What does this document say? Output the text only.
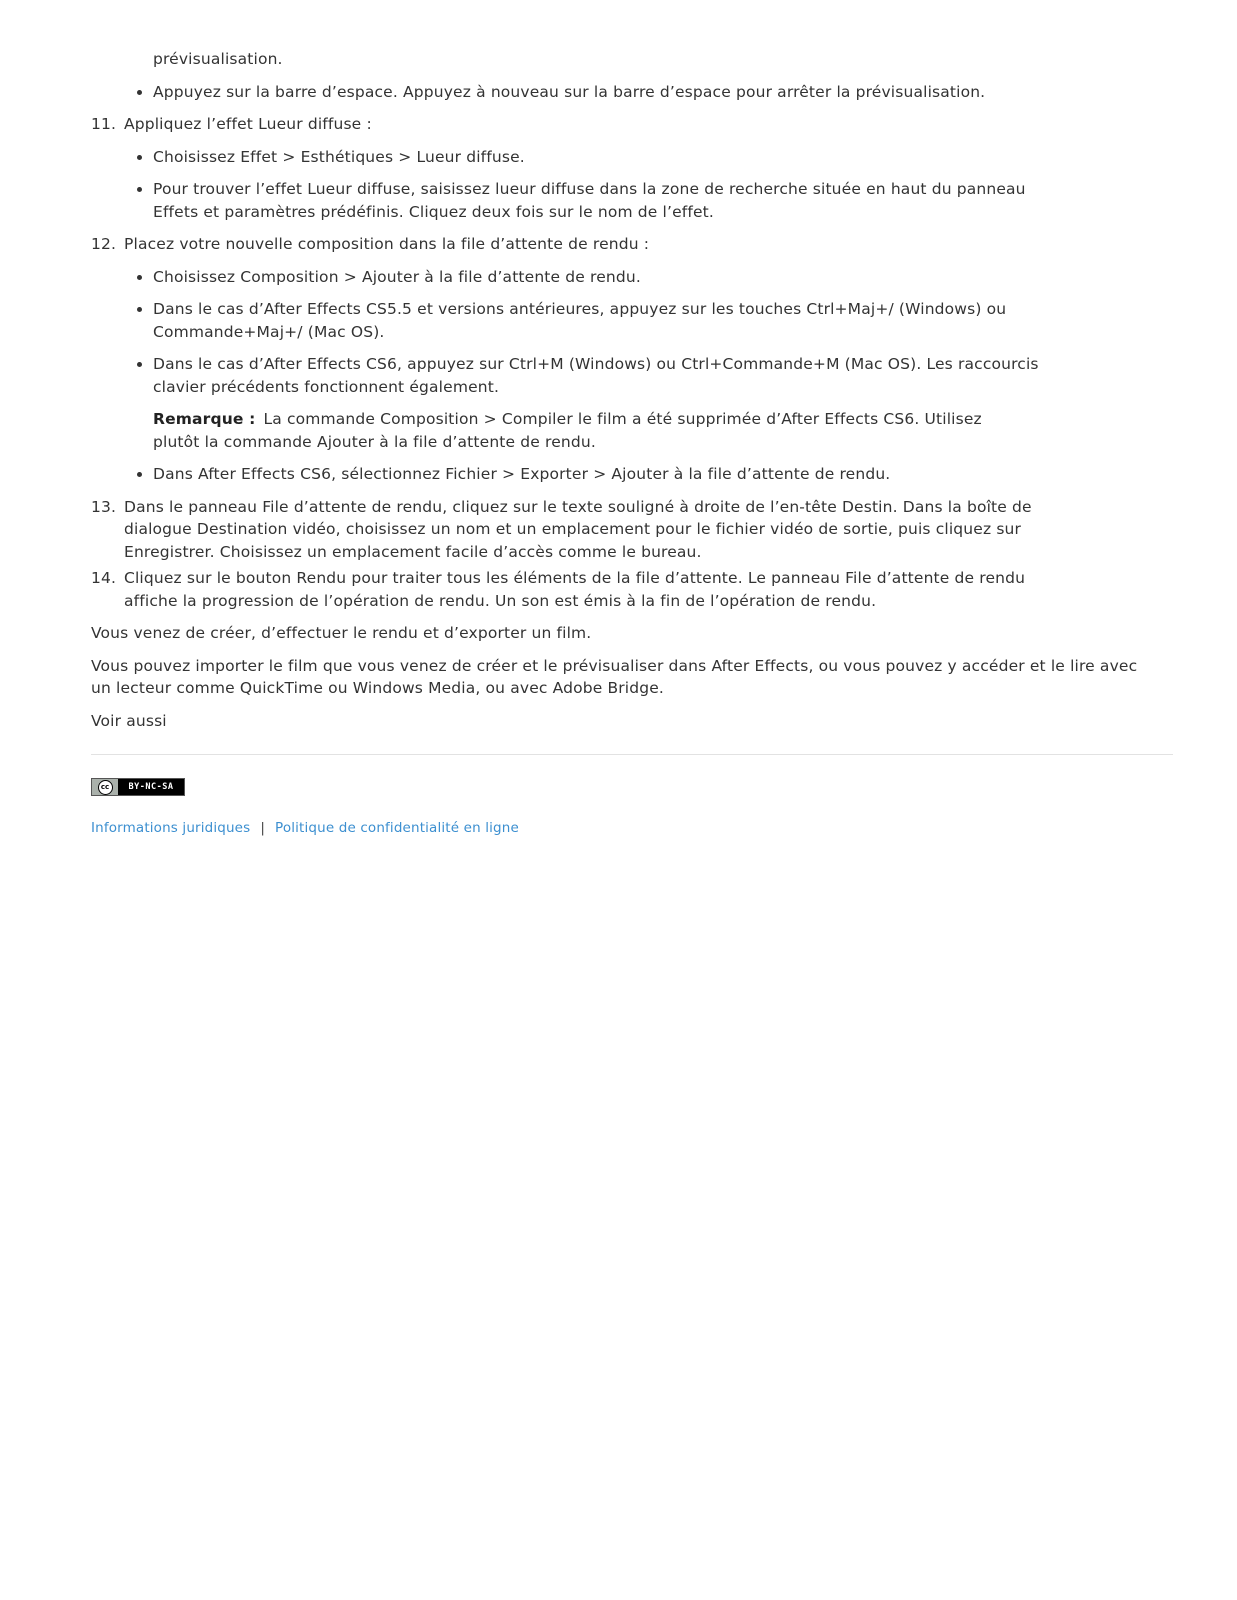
prévisualisation.
Appuyez sur la barre d’espace. Appuyez à nouveau sur la barre d’espace pour arrêter la prévisualisation.
11. Appliquez l’effet Lueur diffuse :
Choisissez Effet > Esthétiques > Lueur diffuse.
Pour trouver l’effet Lueur diffuse, saisissez lueur diffuse dans la zone de recherche située en haut du panneau Effets et paramètres prédéfinis. Cliquez deux fois sur le nom de l’effet.
12. Placez votre nouvelle composition dans la file d’attente de rendu :
Choisissez Composition > Ajouter à la file d’attente de rendu.
Dans le cas d’After Effects CS5.5 et versions antérieures, appuyez sur les touches Ctrl+Maj+/ (Windows) ou Commande+Maj+/ (Mac OS).
Dans le cas d’After Effects CS6, appuyez sur Ctrl+M (Windows) ou Ctrl+Commande+M (Mac OS). Les raccourcis clavier précédents fonctionnent également.
Remarque : La commande Composition > Compiler le film a été supprimée d’After Effects CS6. Utilisez plutôt la commande Ajouter à la file d’attente de rendu.
Dans After Effects CS6, sélectionnez Fichier > Exporter > Ajouter à la file d’attente de rendu.
13. Dans le panneau File d’attente de rendu, cliquez sur le texte souligné à droite de l’en-tête Destin. Dans la boîte de dialogue Destination vidéo, choisissez un nom et un emplacement pour le fichier vidéo de sortie, puis cliquez sur Enregistrer. Choisissez un emplacement facile d’accès comme le bureau.
14. Cliquez sur le bouton Rendu pour traiter tous les éléments de la file d’attente. Le panneau File d’attente de rendu affiche la progression de l’opération de rendu. Un son est émis à la fin de l’opération de rendu.

Vous venez de créer, d’effectuer le rendu et d’exporter un film.

Vous pouvez importer le film que vous venez de créer et le prévisualiser dans After Effects, ou vous pouvez y accéder et le lire avec un lecteur comme QuickTime ou Windows Media, ou avec Adobe Bridge.

Voir aussi

cc	BY-NC-SA
Informations juridiques | Politique de confidentialité en ligne
